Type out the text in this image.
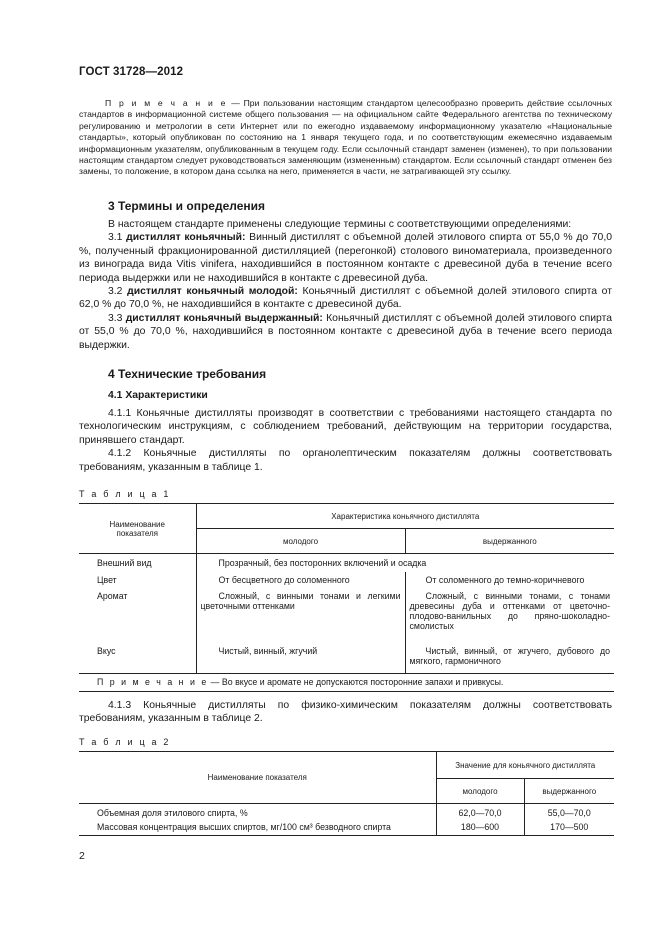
ГОСТ 31728—2012
П р и м е ч а н и е — При пользовании настоящим стандартом целесообразно проверить действие ссылочных стандартов в информационной системе общего пользования — на официальном сайте Федерального агентства по техническому регулированию и метрологии в сети Интернет или по ежегодно издаваемому информационному указателю «Национальные стандарты», который опубликован по состоянию на 1 января текущего года, и по соответствующим ежемесячно издаваемым информационным указателям, опубликованным в текущем году. Если ссылочный стандарт заменен (изменен), то при пользовании настоящим стандартом следует руководствоваться заменяющим (измененным) стандартом. Если ссылочный стандарт отменен без замены, то положение, в котором дана ссылка на него, применяется в части, не затрагивающей эту ссылку.
3 Термины и определения

В настоящем стандарте применены следующие термины с соответствующими определениями:

3.1 дистиллят коньячный: Винный дистиллят с объемной долей этилового спирта от 55,0 % до 70,0 %, полученный фракционированной дистилляцией (перегонкой) столового виноматериала, произведенного из винограда вида Vitis vinifera, находившийся в постоянном контакте с древесиной дуба в течение всего периода выдержки или не находившийся в контакте с древесиной дуба.

3.2 дистиллят коньячный молодой: Коньячный дистиллят с объемной долей этилового спирта от 62,0 % до 70,0 %, не находившийся в контакте с древесиной дуба.

3.3 дистиллят коньячный выдержанный: Коньячный дистиллят с объемной долей этилового спирта от 55,0 % до 70,0 %, находившийся в постоянном контакте с древесиной дуба в течение всего периода выдержки.

4 Технические требования
4.1 Характеристики

4.1.1 Коньячные дистилляты производят в соответствии с требованиями настоящего стандарта по технологическим инструкциям, с соблюдением требований, действующим на территории государства, принявшего стандарт.

4.1.2 Коньячные дистилляты по органолептическим показателям должны соответствовать требованиям, указанным в таблице 1.

Т а б л и ц а 1
Наименование показателя	Характеристика коньячного дистиллята	
	молодого	выдержанного
Внешний вид	Прозрачный, без посторонних включений и осадка	
Цвет	От бесцветного до соломенного	От соломенного до темно-коричневого
Аромат	Сложный, с винными тонами и легкими цветочными оттенками	Сложный, с винными тонами, с тонами древесины дуба и оттенками от цветочно-плодово-ванильных до пряно-шоколадно-смолистых
Вкус	Чистый, винный, жгучий	Чистый, винный, от жгучего, дубового до мягкого, гармоничного
П р и м е ч а н и е — Во вкусе и аромате не допускаются посторонние запахи и привкусы.		

4.1.3 Коньячные дистилляты по физико-химическим показателям должны соответствовать требованиям, указанным в таблице 2.

Т а б л и ц а 2
Наименование показателя	Значение для коньячного дистиллята	
	молодого	выдержанного
Объемная доля этилового спирта, %	62,0—70,0	55,0—70,0
Массовая концентрация высших спиртов, мг/100 см³ безводного спирта	180—600	170—500
2
